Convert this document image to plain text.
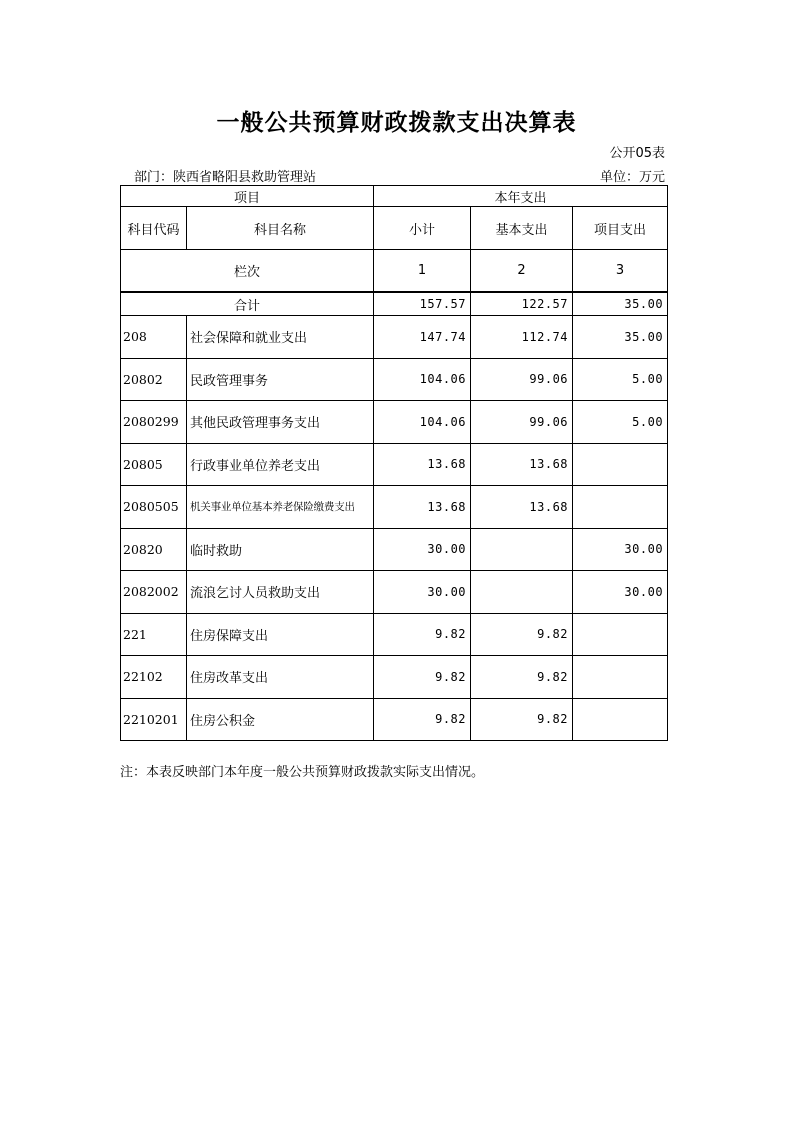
一般公共预算财政拨款支出决算表
公开05表
部门：陕西省略阳县救助管理站	单位：万元
项目		本年支出		
科目代码	科目名称	小计	基本支出	项目支出
栏次		1	2	3
合计		157.57	122.57	35.00
208	社会保障和就业支出	147.74	112.74	35.00
20802	民政管理事务	104.06	99.06	5.00
2080299	其他民政管理事务支出	104.06	99.06	5.00
20805	行政事业单位养老支出	13.68	13.68	
2080505	机关事业单位基本养老保险缴费支出	13.68	13.68	
20820	临时救助	30.00		30.00
2082002	流浪乞讨人员救助支出	30.00		30.00
221	住房保障支出	9.82	9.82	
22102	住房改革支出	9.82	9.82	
2210201	住房公积金	9.82	9.82	
注：本表反映部门本年度一般公共预算财政拨款实际支出情况。
